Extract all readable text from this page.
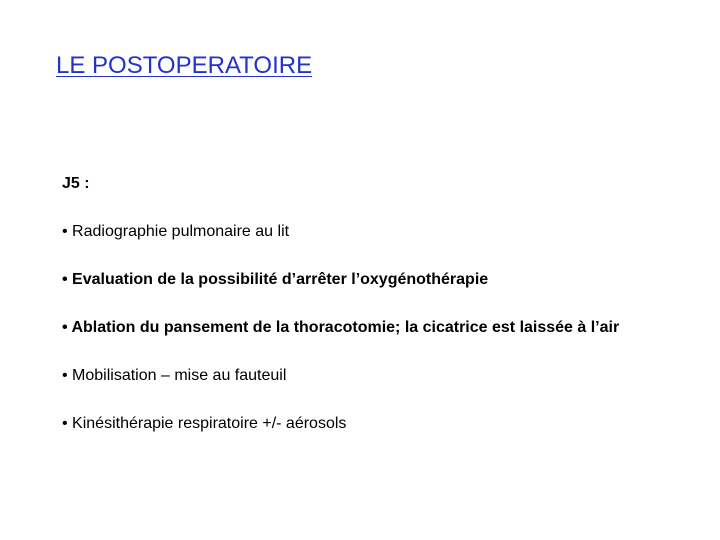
LE POSTOPERATOIRE

J5 :

• Radiographie pulmonaire au lit

• Evaluation de la possibilité d’arrêter l’oxygénothérapie

• Ablation du pansement de la thoracotomie; la cicatrice est laissée à l’air

• Mobilisation – mise au fauteuil

• Kinésithérapie respiratoire +/- aérosols
